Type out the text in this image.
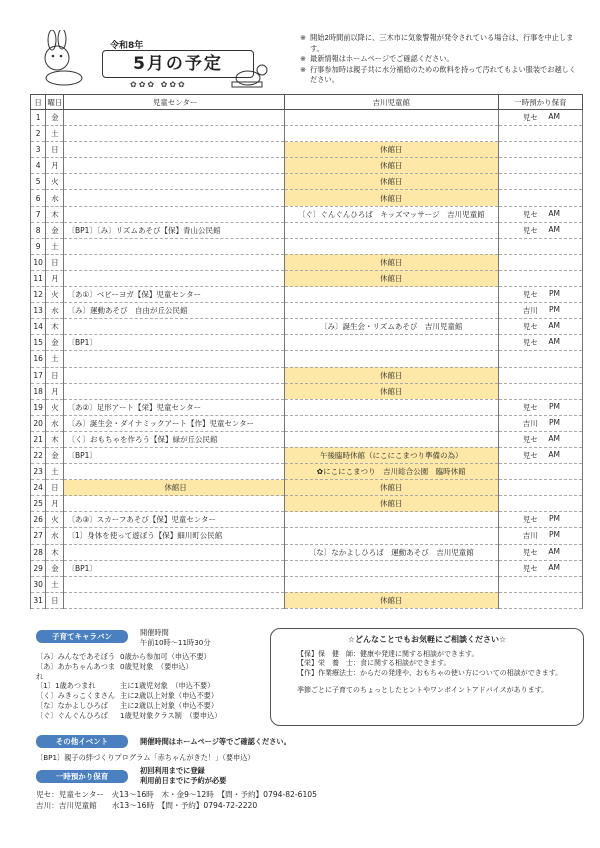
令和8年
5月の予定
✿✿✿ ✿✿✿
※ 開始2時間前以降に、三木市に気象警報が発令されている場合は、行事を中止します。
※ 最新情報はホームページでご確認ください。
※ 行事参加時は親子共に水分補給のための飲料を持って汚れてもよい服装でお越しください。
日	曜日	児童センター	吉川児童館	一時預かり保育
1	金			児セ AM

2	土			

3	日		休館日	

4	月		休館日	

5	火		休館日	

6	水		休館日	

7	木		〔ぐ〕ぐんぐんひろば　キッズマッサージ　吉川児童館	児セ AM

8	金	〔BP1〕〔み〕リズムあそび【保】青山公民館		児セ AM

9	土			

10	日		休館日	

11	月		休館日	

12	火	〔あ①〕ベビーヨガ【保】児童センター		児セ PM

13	水	〔み〕運動あそび　自由が丘公民館		吉川 PM

14	木		〔み〕誕生会・リズムあそび　吉川児童館	児セ AM

15	金	〔BP1〕		児セ AM

16	土			

17	日		休館日	

18	月		休館日	

19	火	〔あ②〕足形アート【栄】児童センター		児セ PM

20	水	〔み〕誕生会・ダイナミックアート【作】児童センター		吉川 PM

21	木	〔く〕おもちゃを作ろう【保】緑が丘公民館		児セ AM

22	金	〔BP1〕	午後臨時休館（にこにこまつり準備の為）	児セ AM

23	土		✿にこにこまつり　吉川総合公園　臨時休館	

24	日	休館日	休館日	

25	月		休館日	

26	火	〔あ③〕スカーフあそび【保】児童センター		児セ PM

27	水	〔1〕身体を使って遊ぼう【保】細川町公民館		吉川 PM

28	木		〔な〕なかよしひろば　運動あそび　吉川児童館	児セ AM

29	金	〔BP1〕		児セ AM

30	土			

31	日		休館日	
子育てキャラバン	開催時間
午前10時～11時30分
〔み〕みんなであそぼう 0歳から参加可（申込不要）
〔あ〕あかちゃんあつまれ
0歳児対象　（要申込）
〔1〕1歳あつまれ	主に1歳児対象　（申込不要）
〔く〕みきっこくまさん 主に2歳以上対象（申込不要）
〔な〕なかよしひろば	主に2歳以上対象（申込不要）
〔ぐ〕ぐんぐんひろば	1歳児対象クラス制　（要申込）
☆どんなことでもお気軽にご相談ください☆
【保】保　健　師 ：健康や発達に関する相談ができます。
【栄】栄　養　士 ：食に関する相談ができます。
【作】作業療法士 ：からだの発達や、おもちゃの使い方についての相談ができます。
季節ごとに子育てのちょっとしたヒントやワンポイントアドバイスがあります。
その他イベント	開催時間はホームページ等でご確認ください。
〔BP1〕親子の絆づくりプログラム「赤ちゃんがきた！」（要申込）
一時預かり保育
初回利用までに登録
利用前日までに予約が必要
児セ：児童センター　火13～16時　木・金9～12時　【問・予約】0794-82-6105
吉川：吉川児童館　　水13～16時　【問・予約】0794-72-2220
